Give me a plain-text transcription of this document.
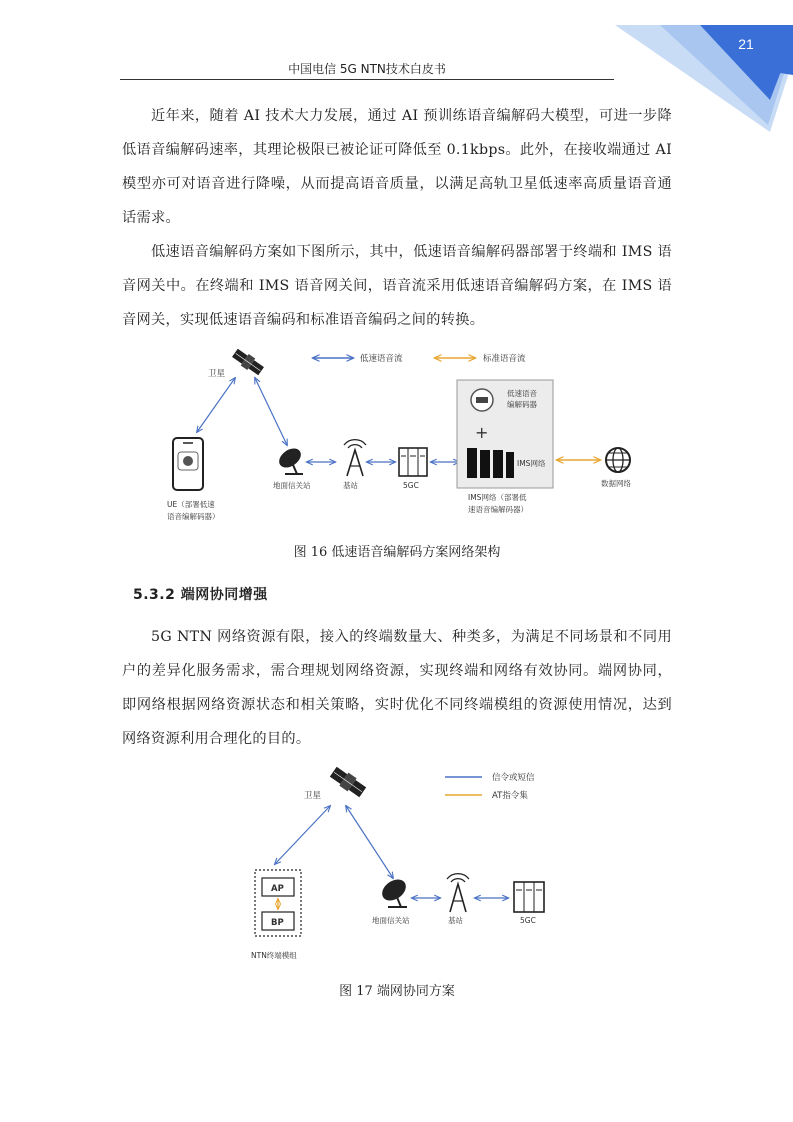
21
中国电信 5G NTN技术白皮书

近年来，随着 AI 技术大力发展，通过 AI 预训练语音编解码大模型，可进一步降低语音编解码速率，其理论极限已被论证可降低至 0.1kbps。此外，在接收端通过 AI 模型亦可对语音进行降噪，从而提高语音质量，以满足高轨卫星低速率高质量语音通话需求。

低速语音编解码方案如下图所示，其中，低速语音编解码器部署于终端和 IMS 语音网关中。在终端和 IMS 语音网关间，语音流采用低速语音编解码方案，在 IMS 语音网关，实现低速语音编码和标准语音编码之间的转换。

低速语音流	标准语音流
卫星
UE（部署低速
语音编解码器）
地面信关站	基站	5GC
低速语音
编解码器
+
IMS网络
IMS网络（部署低
速语音编解码器）
数据网络
图 16 低速语音编解码方案网络架构
5.3.2 端网协同增强

5G NTN 网络资源有限，接入的终端数量大、种类多，为满足不同场景和不同用户的差异化服务需求，需合理规划网络资源，实现终端和网络有效协同。端网协同，即网络根据网络资源状态和相关策略，实时优化不同终端模组的资源使用情况，达到网络资源利用合理化的目的。

信令或短信
AT指令集
卫星
AP
BP
NTN终端模组
地面信关站	基站	5GC
图 17 端网协同方案
